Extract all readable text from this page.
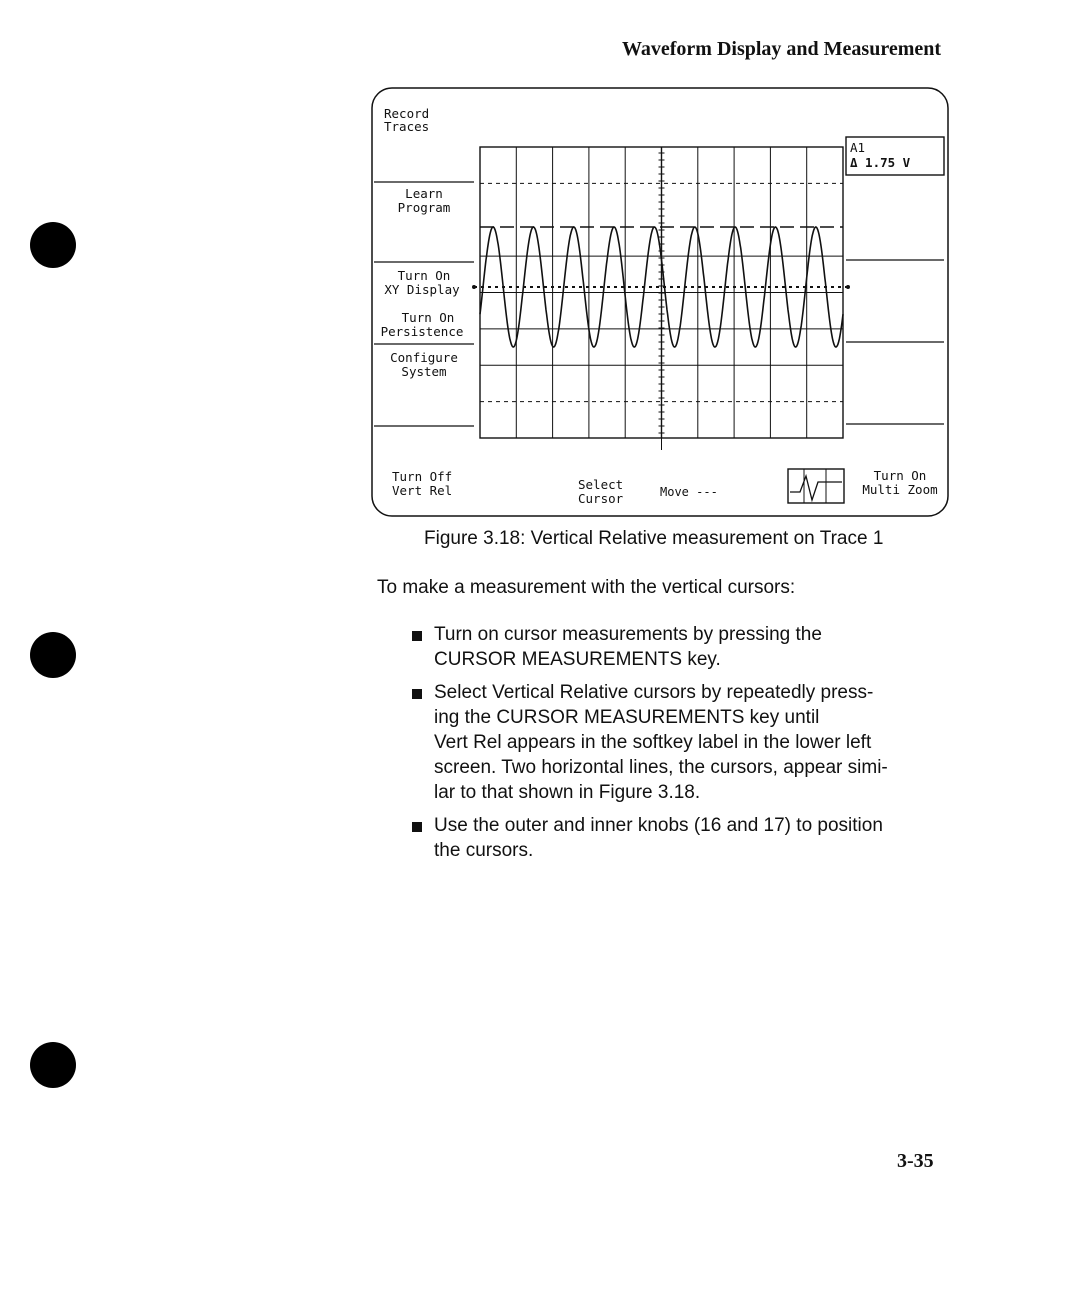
Waveform Display and Measurement
Record
Traces
Learn
Program
Turn On
XY Display
Turn On
Persistence
Configure
System
A1
Δ 1.75 V
Turn Off
Vert Rel	Select
Cursor	Move ---
Turn On
Multi Zoom
Figure 3.18: Vertical Relative measurement on Trace 1
To make a measurement with the vertical cursors:
Turn on cursor measurements by pressing the
CURSOR MEASUREMENTS key.
Select Vertical Relative cursors by repeatedly press-
ing the CURSOR MEASUREMENTS key until
Vert Rel appears in the softkey label in the lower left
screen. Two horizontal lines, the cursors, appear simi-
lar to that shown in Figure 3.18.
Use the outer and inner knobs (16 and 17) to position
the cursors.
3-35
